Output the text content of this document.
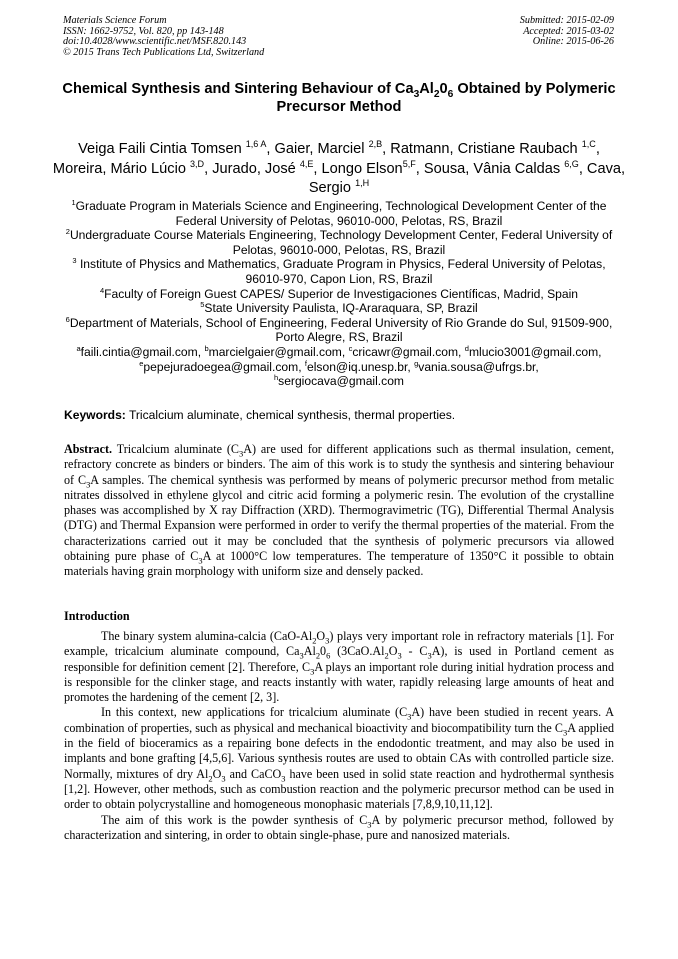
Materials Science Forum
ISSN: 1662-9752, Vol. 820, pp 143-148
doi:10.4028/www.scientific.net/MSF.820.143
© 2015 Trans Tech Publications Ltd, Switzerland
Submitted: 2015-02-09
Accepted: 2015-03-02
Online: 2015-06-26
Chemical Synthesis and Sintering Behaviour of $Ca_3Al_20_6$ Obtained by Polymeric Precursor Method
Veiga Faili Cintia Tomsen $^{1,6 A}$, Gaier, Marciel $^{2,B}$, Ratmann, Cristiane Raubach $^{1,C}$, Moreira, Mário Lúcio $^{3,D}$, Jurado, José $^{4,E}$, Longo Elson$^{5,F}$, Sousa, Vânia Caldas $^{6,G}$, Cava, Sergio $^{1,H}$
$^1$Graduate Program in Materials Science and Engineering, Technological Development Center of the Federal University of Pelotas, 96010-000, Pelotas, RS, Brazil
$^2$Undergraduate Course Materials Engineering, Technology Development Center, Federal University of Pelotas, 96010-000, Pelotas, RS, Brazil
$^3$ Institute of Physics and Mathematics, Graduate Program in Physics, Federal University of Pelotas, 96010-970, Capon Lion, RS, Brazil
$^4$Faculty of Foreign Guest CAPES/ Superior de Investigaciones Científicas, Madrid, Spain
$^5$State University Paulista, IQ-Araraquara, SP, Brazil
$^6$Department of Materials, School of Engineering, Federal University of Rio Grande do Sul, 91509-900, Porto Alegre, RS, Brazil
$^a$faili.cintia@gmail.com, $^b$marcielgaier@gmail.com, $^c$cricawr@gmail.com, $^d$mlucio3001@gmail.com,
$^e$pepejuradoegea@gmail.com, $^f$elson@iq.unesp.br, $^g$vania.sousa@ufrgs.br,
$^h$sergiocava@gmail.com
Keywords: Tricalcium aluminate, chemical synthesis, thermal properties.
Abstract. Tricalcium aluminate $(C_3A)$ are used for different applications such as thermal insulation, cement, refractory concrete as binders or binders. The aim of this work is to study the synthesis and sintering behaviour of $C_3A$ samples. The chemical synthesis was performed by means of polymeric precursor method from metalic nitrates dissolved in ethylene glycol and citric acid forming a polymeric resin. The evolution of the crystalline phases was accomplished by X ray Diffraction (XRD). Thermogravimetric (TG), Differential Thermal Analysis (DTG) and Thermal Expansion were performed in order to verify the thermal properties of the material. From the characterizations carried out it may be concluded that the synthesis of polymeric precursors via allowed obtaining pure phase of $C_3A$ at 1000°C low temperatures. The temperature of 1350°C it possible to obtain materials having grain morphology with uniform size and densely packed.
Introduction

The binary system alumina-calcia $(CaO-Al_2O_3)$ plays very important role in refractory materials [1]. For example, tricalcium aluminate compound, $Ca_3Al_20_6$ $(3CaO.Al_2O_3 - C_3A)$, is used in Portland cement as responsible for definition cement [2]. Therefore, $C_3A$ plays an important role during initial hydration process and is responsible for the clinker stage, and reacts instantly with water, rapidly releasing large amounts of heat and promotes the hardening of the cement [2, 3].

In this context, new applications for tricalcium aluminate $(C_3A)$ have been studied in recent years. A combination of properties, such as physical and mechanical bioactivity and biocompatibility turn the $C_3A$ applied in the field of bioceramics as a repairing bone defects in the endodontic treatment, and may also be used in implants and bone grafting [4,5,6]. Various synthesis routes are used to obtain CAs with controlled particle size. Normally, mixtures of dry $Al_2O_3$ and CaCO$_3$ have been used in solid state reaction and hydrothermal synthesis [1,2]. However, other methods, such as combustion reaction and the polymeric precursor method can be used in order to obtain polycrystalline and homogeneous monophasic materials [7,8,9,10,11,12].

The aim of this work is the powder synthesis of $C_3A$ by polymeric precursor method, followed by characterization and sintering, in order to obtain single-phase, pure and nanosized materials.
